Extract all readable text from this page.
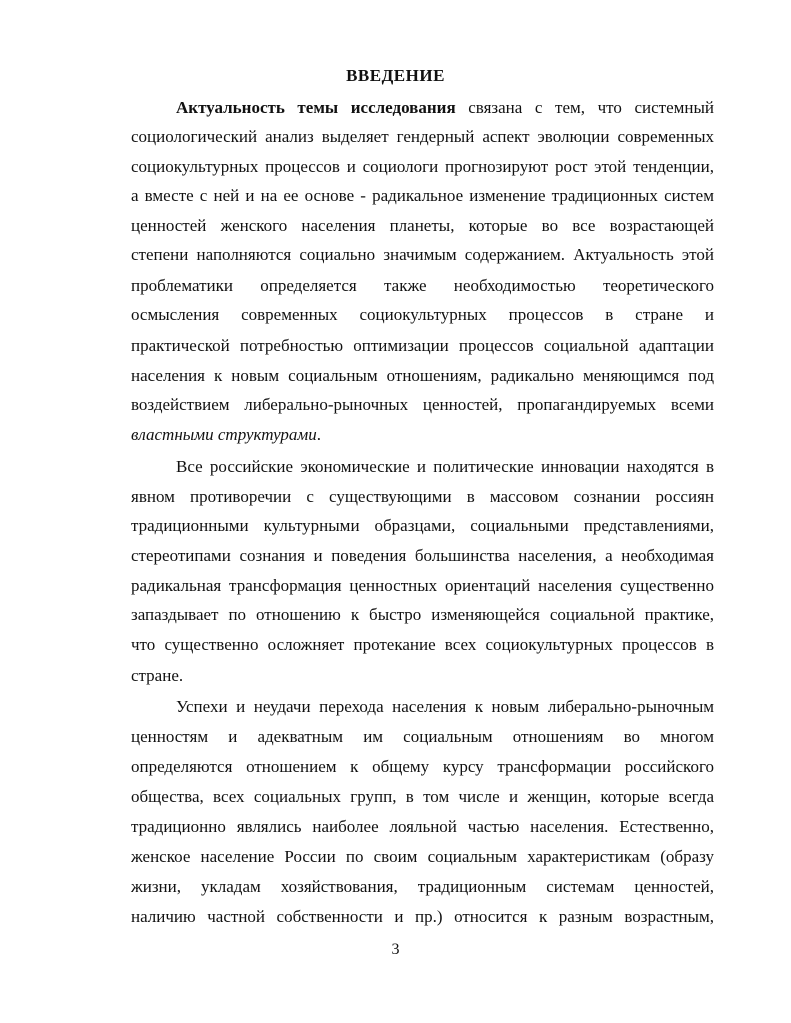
ВВЕДЕНИЕ
Актуальность темы исследования связана с тем, что системный
социологический анализ выделяет гендерный аспект эволюции современных
социокультурных процессов и социологи прогнозируют рост этой тенденции,
а вместе с ней и на ее основе - радикальное изменение традиционных систем
ценностей женского населения планеты, которые во все возрастающей
степени наполняются социально значимым содержанием. Актуальность этой
проблематики определяется также необходимостью теоретического
осмысления современных социокультурных процессов в стране и
практической потребностью оптимизации процессов социальной адаптации
населения к новым социальным отношениям, радикально меняющимся под
воздействием либерально-рыночных ценностей, пропагандируемых всеми
властными структурами.
Все российские экономические и политические инновации находятся в
явном противоречии с существующими в массовом сознании россиян
традиционными культурными образцами, социальными представлениями,
стереотипами сознания и поведения большинства населения, а необходимая
радикальная трансформация ценностных ориентаций населения существенно
запаздывает по отношению к быстро изменяющейся социальной практике,
что существенно осложняет протекание всех социокультурных процессов в
стране.
Успехи и неудачи перехода населения к новым либерально-рыночным
ценностям и адекватным им социальным отношениям во многом
определяются отношением к общему курсу трансформации российского
общества, всех социальных групп, в том числе и женщин, которые всегда
традиционно являлись наиболее лояльной частью населения. Естественно,
женское население России по своим социальным характеристикам (образу
жизни, укладам хозяйствования, традиционным системам ценностей,
наличию частной собственности и пр.) относится к разным возрастным,
3
